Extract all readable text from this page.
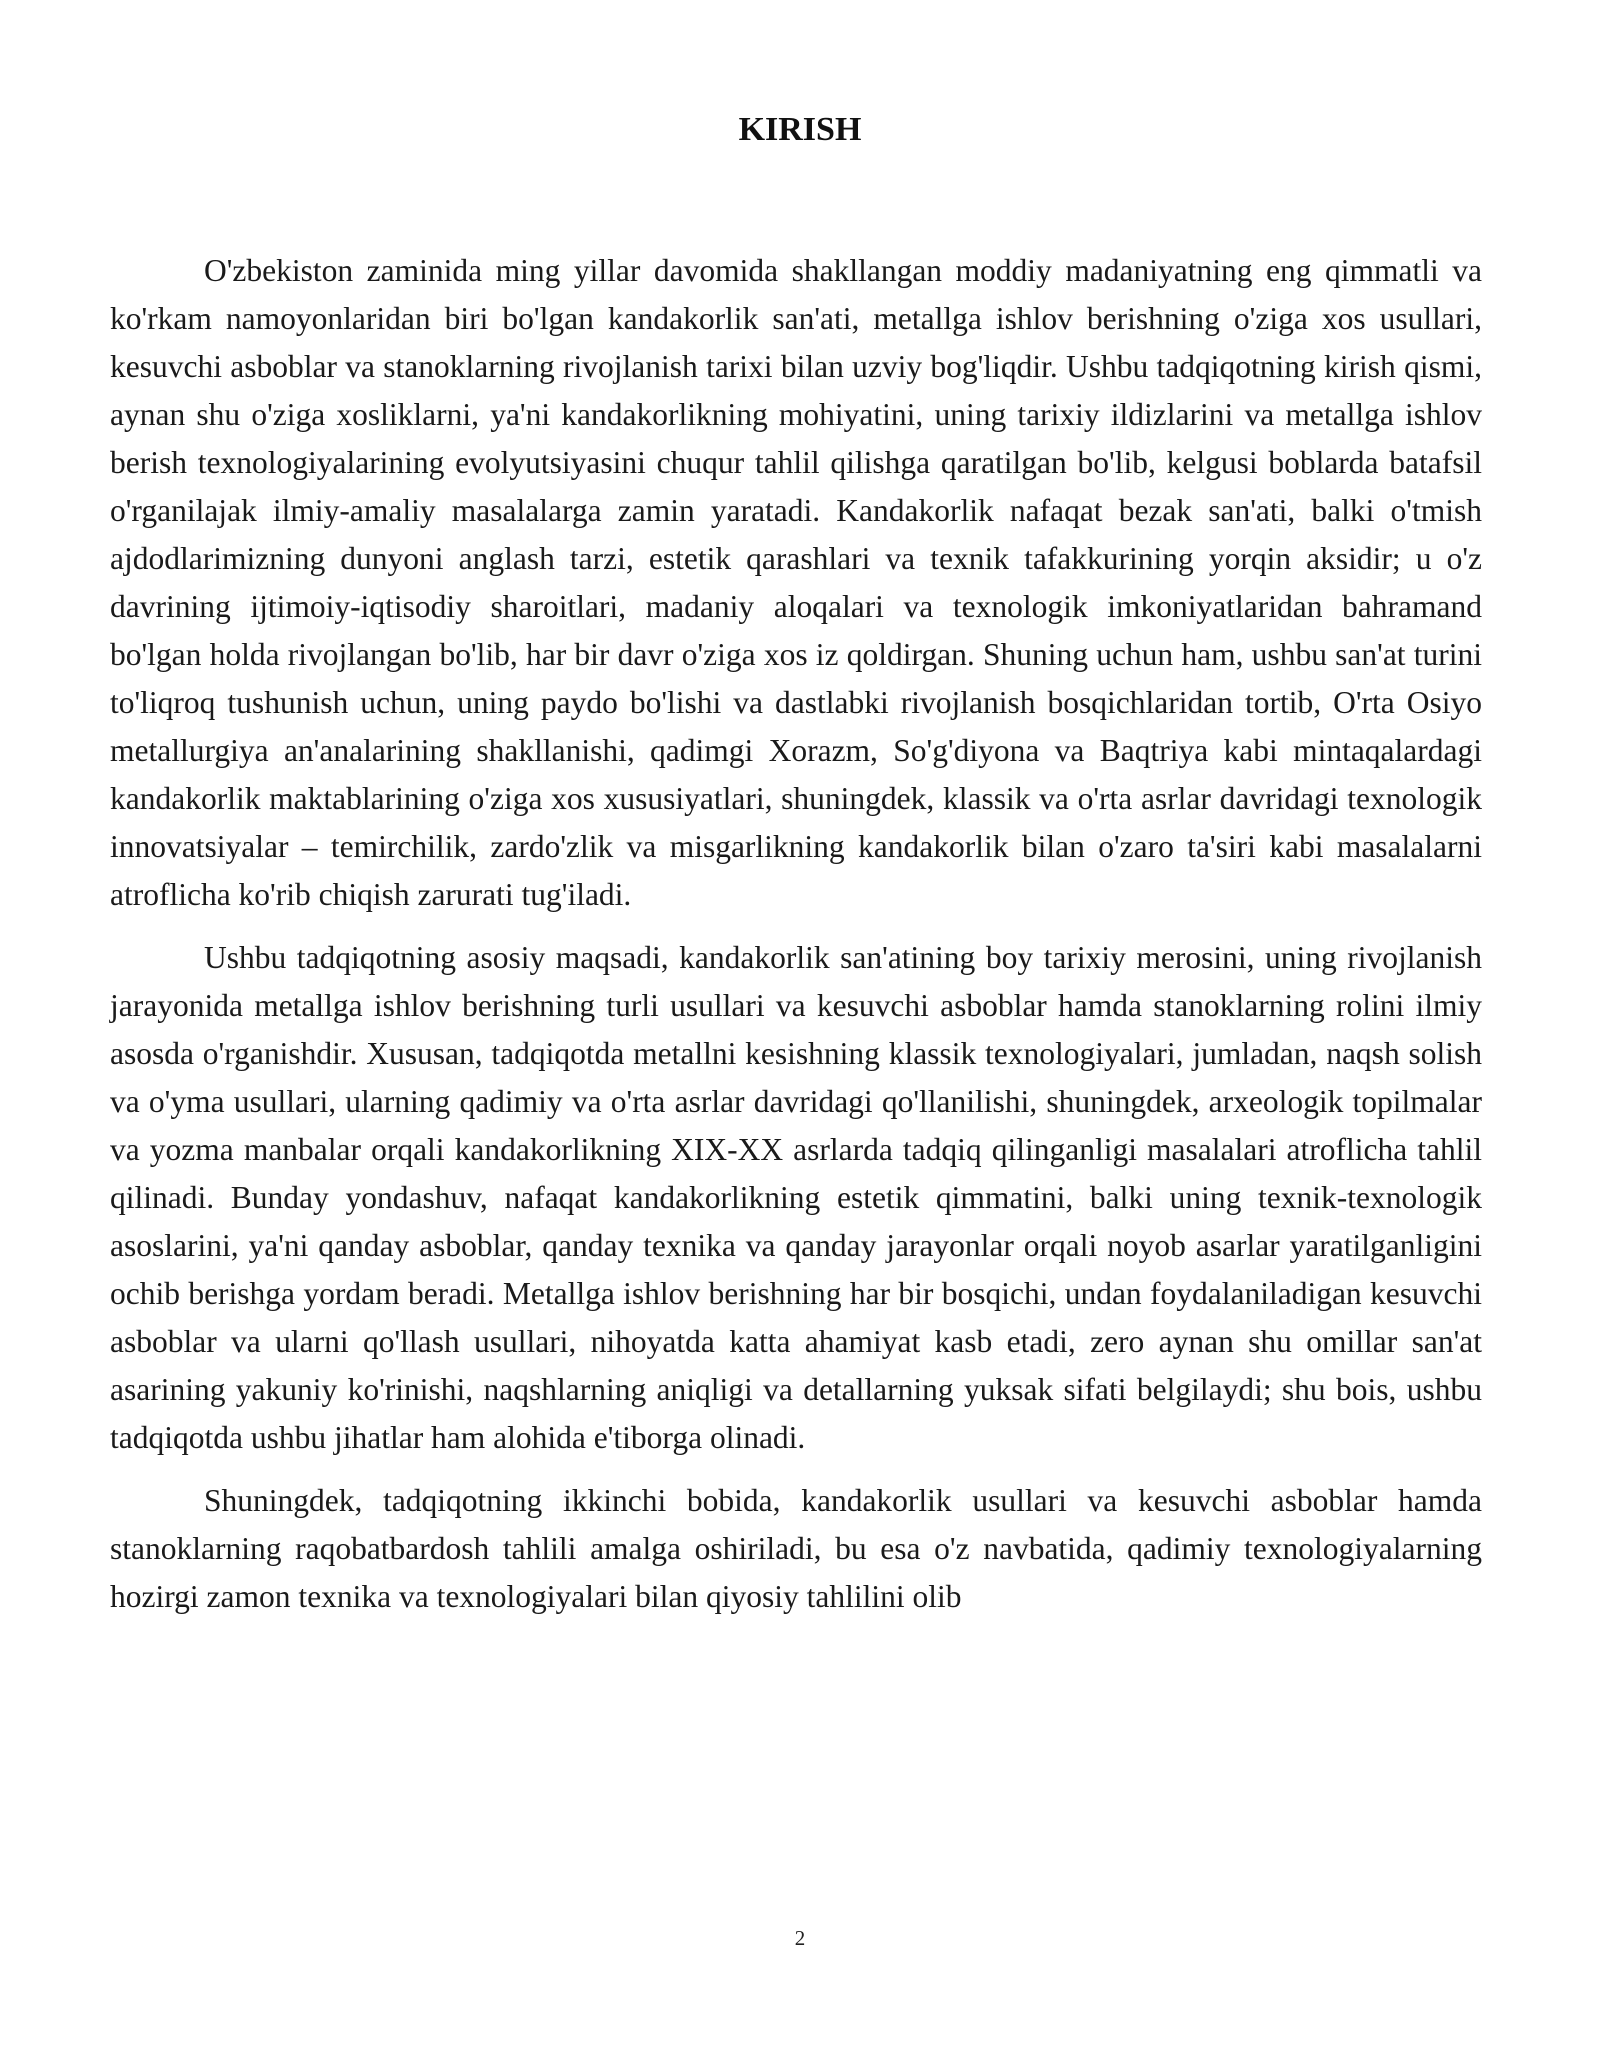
KIRISH

O'zbekiston zaminida ming yillar davomida shakllangan moddiy madaniyatning eng qimmatli va ko'rkam namoyonlaridan biri bo'lgan kandakorlik san'ati, metallga ishlov berishning o'ziga xos usullari, kesuvchi asboblar va stanoklarning rivojlanish tarixi bilan uzviy bog'liqdir. Ushbu tadqiqotning kirish qismi, aynan shu o'ziga xosliklarni, ya'ni kandakorlikning mohiyatini, uning tarixiy ildizlarini va metallga ishlov berish texnologiyalarining evolyutsiyasini chuqur tahlil qilishga qaratilgan bo'lib, kelgusi boblarda batafsil o'rganilajak ilmiy-amaliy masalalarga zamin yaratadi. Kandakorlik nafaqat bezak san'ati, balki o'tmish ajdodlarimizning dunyoni anglash tarzi, estetik qarashlari va texnik tafakkurining yorqin aksidir; u o'z davrining ijtimoiy-iqtisodiy sharoitlari, madaniy aloqalari va texnologik imkoniyatlaridan bahramand bo'lgan holda rivojlangan bo'lib, har bir davr o'ziga xos iz qoldirgan. Shuning uchun ham, ushbu san'at turini to'liqroq tushunish uchun, uning paydo bo'lishi va dastlabki rivojlanish bosqichlaridan tortib, O'rta Osiyo metallurgiya an'analarining shakllanishi, qadimgi Xorazm, So'g'diyona va Baqtriya kabi mintaqalardagi kandakorlik maktablarining o'ziga xos xususiyatlari, shuningdek, klassik va o'rta asrlar davridagi texnologik innovatsiyalar – temirchilik, zardo'zlik va misgarlikning kandakorlik bilan o'zaro ta'siri kabi masalalarni atroflicha ko'rib chiqish zarurati tug'iladi.

Ushbu tadqiqotning asosiy maqsadi, kandakorlik san'atining boy tarixiy merosini, uning rivojlanish jarayonida metallga ishlov berishning turli usullari va kesuvchi asboblar hamda stanoklarning rolini ilmiy asosda o'rganishdir. Xususan, tadqiqotda metallni kesishning klassik texnologiyalari, jumladan, naqsh solish va o'yma usullari, ularning qadimiy va o'rta asrlar davridagi qo'llanilishi, shuningdek, arxeologik topilmalar va yozma manbalar orqali kandakorlikning XIX-XX asrlarda tadqiq qilinganligi masalalari atroflicha tahlil qilinadi. Bunday yondashuv, nafaqat kandakorlikning estetik qimmatini, balki uning texnik-texnologik asoslarini, ya'ni qanday asboblar, qanday texnika va qanday jarayonlar orqali noyob asarlar yaratilganligini ochib berishga yordam beradi. Metallga ishlov berishning har bir bosqichi, undan foydalaniladigan kesuvchi asboblar va ularni qo'llash usullari, nihoyatda katta ahamiyat kasb etadi, zero aynan shu omillar san'at asarining yakuniy ko'rinishi, naqshlarning aniqligi va detallarning yuksak sifati belgilaydi; shu bois, ushbu tadqiqotda ushbu jihatlar ham alohida e'tiborga olinadi.

Shuningdek, tadqiqotning ikkinchi bobida, kandakorlik usullari va kesuvchi asboblar hamda stanoklarning raqobatbardosh tahlili amalga oshiriladi, bu esa o'z navbatida, qadimiy texnologiyalarning hozirgi zamon texnika va texnologiyalari bilan qiyosiy tahlilini olib

2
